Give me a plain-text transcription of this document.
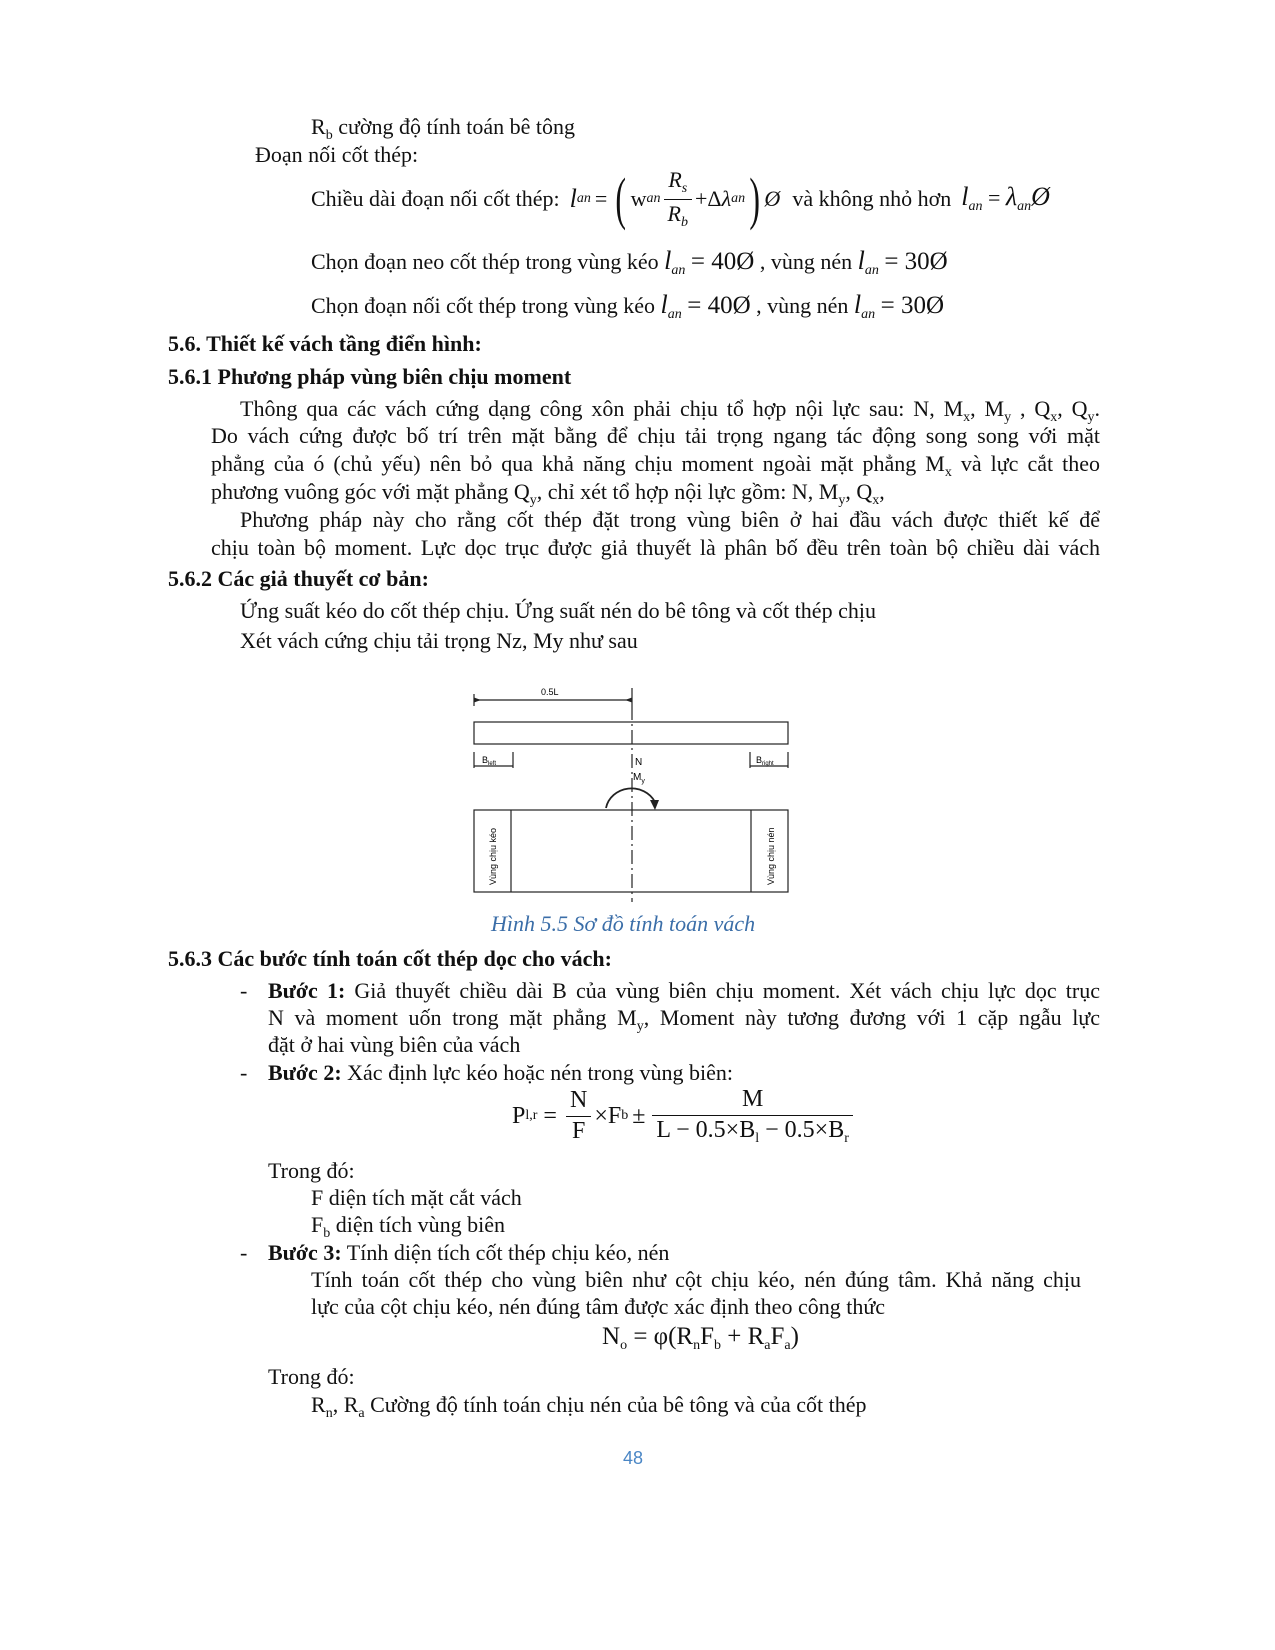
$R_b$ cường độ tính toán bê tông
Đoạn nối cốt thép:
Chiều dài đoạn nối cốt thép: l an = ( w an $\frac{R_s}{R_b} +\Delta$ λ an ) Ø và không nhỏ hơn $l_{an}$ = $\lambda_{an}Ø$
Chọn đoạn neo cốt thép trong vùng kéo $l_{an}$ = 40Ø , vùng nén $l_{an}$ = 30Ø
Chọn đoạn nối cốt thép trong vùng kéo $l_{an}$ = 40Ø , vùng nén $l_{an}$ = 30Ø
5.6. Thiết kế vách tầng điển hình:
5.6.1 Phương pháp vùng biên chịu moment
Thông qua các vách cứng dạng công xôn phải chịu tổ hợp nội lực sau: N, $M_x$, $M_y$ , $Q_x$, $Q_y$.
Do vách cứng được bố trí trên mặt bằng để chịu tải trọng ngang tác động song song với mặt
phẳng của ó (chủ yếu) nên bỏ qua khả năng chịu moment ngoài mặt phẳng $M_x$ và lực cắt theo
phương vuông góc với mặt phẳng $Q_y$, chỉ xét tổ hợp nội lực gồm: N, $M_y$, $Q_x$,
Phương pháp này cho rằng cốt thép đặt trong vùng biên ở hai đầu vách được thiết kế để
chịu toàn bộ moment. Lực dọc trục được giả thuyết là phân bố đều trên toàn bộ chiều dài vách
5.6.2 Các giả thuyết cơ bản:
Ứng suất kéo do cốt thép chịu. Ứng suất nén do bê tông và cốt thép chịu
Xét vách cứng chịu tải trọng Nz, My như sau
0.5L
$B_{left}$	$B_{right}$
N
$M_y$
Vùng chịu kéo	Vùng chịu nén
Hình 5.5 Sơ đồ tính toán vách
5.6.3 Các bước tính toán cốt thép dọc cho vách:
- Bước 1: Giả thuyết chiều dài B của vùng biên chịu moment. Xét vách chịu lực dọc trục
N và moment uốn trong mặt phẳng $M_y$, Moment này tương đương với 1 cặp ngẫu lực
đặt ở hai vùng biên của vách
- Bước 2: Xác định lực kéo hoặc nén trong vùng biên:
P $l,r = \frac{N}{F} \times F$ $b \pm \frac{M}{L - 0.5\times B_l - 0.5\times B_r}$
Trong đó:
F diện tích mặt cắt vách
$F_b$ diện tích vùng biên
- Bước 3: Tính diện tích cốt thép chịu kéo, nén
Tính toán cốt thép cho vùng biên như cột chịu kéo, nén đúng tâm. Khả năng chịu
lực của cột chịu kéo, nén đúng tâm được xác định theo công thức
$N_o = \varphi(R_nF_b + R_aF_a)$
Trong đó:
$R_n$, $R_a$ Cường độ tính toán chịu nén của bê tông và của cốt thép
48
